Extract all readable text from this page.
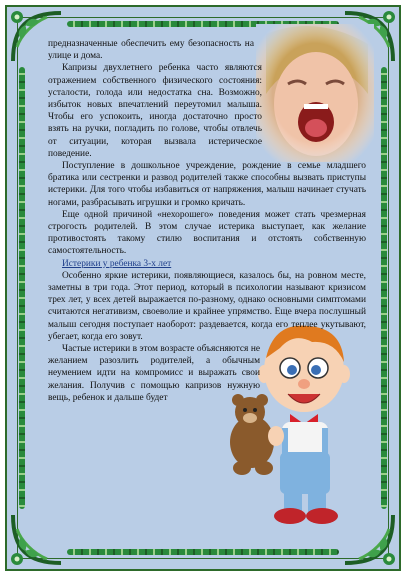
предназначенные обеспечить ему безопасность на улице и дома.

Капризы двухлетнего ребенка часто являются отражением собственного физического состояния: усталости, голода или недостатка сна. Возможно, избыток новых впечатлений переутомил малыша. Чтобы его успокоить, иногда достаточно просто взять на ручки, погладить по голове, чтобы отвлечь от ситуации, которая вызвала истерическое поведение.

Поступление в дошкольное учреждение, рождение в семье младшего братика или сестренки и развод родителей также способны вызвать приступы истерики. Для того чтобы избавиться от напряжения, малыш начинает стучать ногами, разбрасывать игрушки и громко кричать.

Еще одной причиной «нехорошего» поведения может стать чрезмерная строгость родителей. В этом случае истерика выступает, как желание противостоять такому стилю воспитания и отстоять собственную самостоятельность.

Истерики у ребенка 3-х лет

Особенно яркие истерики, появляющиеся, казалось бы, на ровном месте, заметны в три года. Этот период, который в психологии называют кризисом трех лет, у всех детей выражается по-разному, однако основными симптомами считаются негативизм, своеволие и крайнее упрямство. Еще вчера послушный малыш сегодня поступает наоборот: раздевается, когда его теплее укутывают, убегает, когда его зовут.

Частые истерики в этом возрасте объясняются не желанием разозлить родителей, а обычным неумением идти на компромисс и выражать свои желания. Получив с помощью капризов нужную вещь, ребенок и дальше будет
